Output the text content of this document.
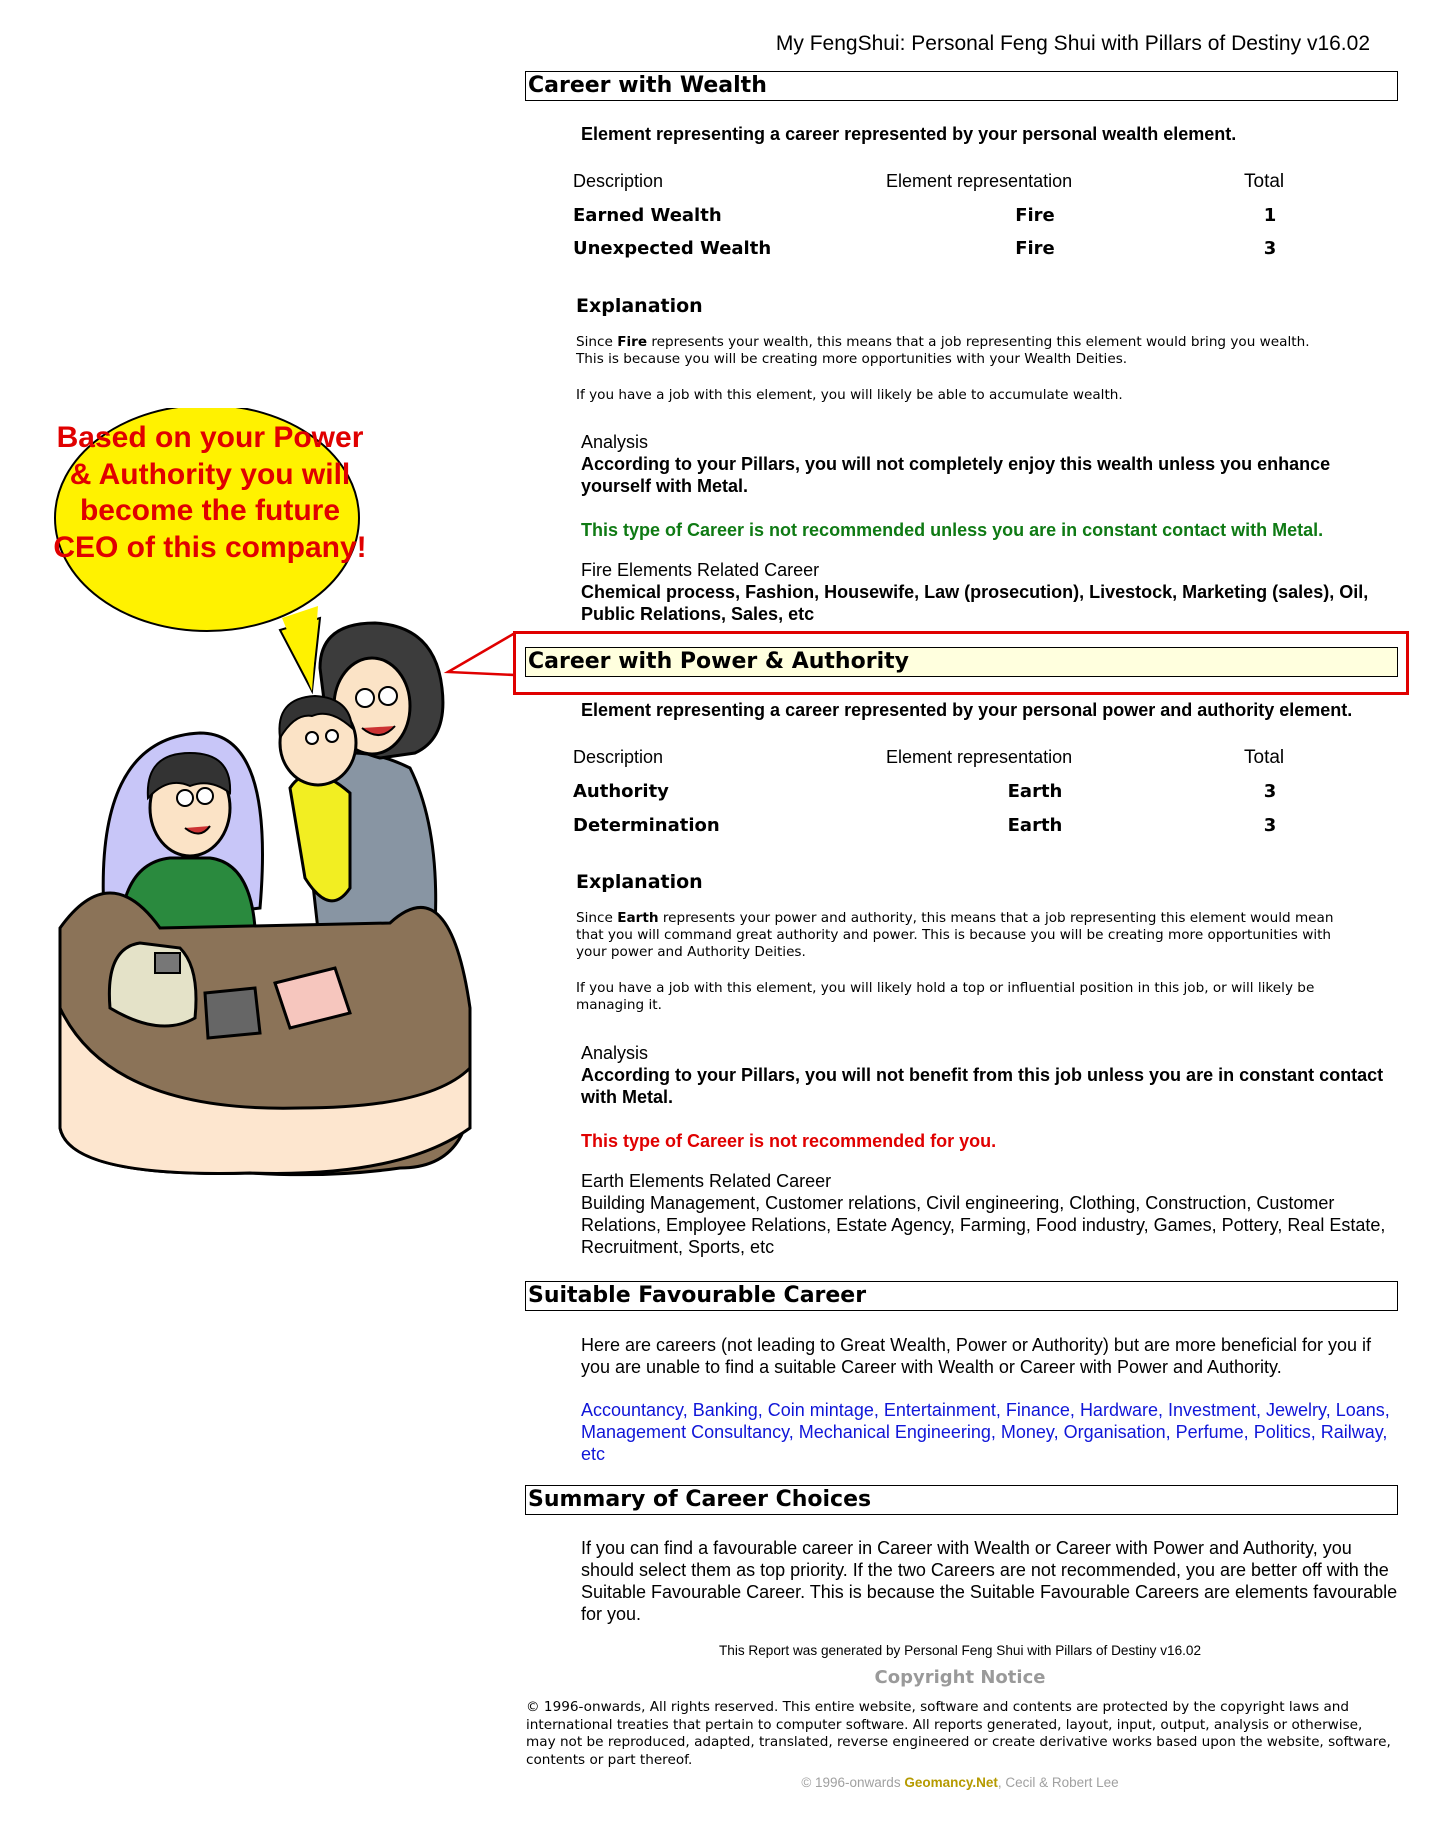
My FengShui: Personal Feng Shui with Pillars of Destiny v16.02
Based on your Power & Authority you will become the future CEO of this company!
Career with Wealth
Element representing a career represented by your personal wealth element.
Description	Element representation	Total
Earned Wealth	Fire	1
Unexpected Wealth	Fire	3
Explanation
Since Fire represents your wealth, this means that a job representing this element would bring you wealth. This is because you will be creating more opportunities with your Wealth Deities.
If you have a job with this element, you will likely be able to accumulate wealth.
Analysis
According to your Pillars, you will not completely enjoy this wealth unless you enhance yourself with Metal.
This type of Career is not recommended unless you are in constant contact with Metal.
Fire Elements Related Career
Chemical process, Fashion, Housewife, Law (prosecution), Livestock, Marketing (sales), Oil, Public Relations, Sales, etc
Career with Power & Authority
Element representing a career represented by your personal power and authority element.
Description	Element representation	Total
Authority	Earth	3
Determination	Earth	3
Explanation
Since Earth represents your power and authority, this means that a job representing this element would mean that you will command great authority and power. This is because you will be creating more opportunities with your power and Authority Deities.
If you have a job with this element, you will likely hold a top or influential position in this job, or will likely be managing it.
Analysis
According to your Pillars, you will not benefit from this job unless you are in constant contact with Metal.
This type of Career is not recommended for you.
Earth Elements Related Career
Building Management, Customer relations, Civil engineering, Clothing, Construction, Customer Relations, Employee Relations, Estate Agency, Farming, Food industry, Games, Pottery, Real Estate, Recruitment, Sports, etc
Suitable Favourable Career
Here are careers (not leading to Great Wealth, Power or Authority) but are more beneficial for you if you are unable to find a suitable Career with Wealth or Career with Power and Authority.
Accountancy, Banking, Coin mintage, Entertainment, Finance, Hardware, Investment, Jewelry, Loans, Management Consultancy, Mechanical Engineering, Money, Organisation, Perfume, Politics, Railway, etc
Summary of Career Choices
If you can find a favourable career in Career with Wealth or Career with Power and Authority, you should select them as top priority. If the two Careers are not recommended, you are better off with the Suitable Favourable Career. This is because the Suitable Favourable Careers are elements favourable for you.
This Report was generated by Personal Feng Shui with Pillars of Destiny v16.02
Copyright Notice
© 1996-onwards, All rights reserved. This entire website, software and contents are protected by the copyright laws and international treaties that pertain to computer software. All reports generated, layout, input, output, analysis or otherwise, may not be reproduced, adapted, translated, reverse engineered or create derivative works based upon the website, software, contents or part thereof.
© 1996-onwards Geomancy.Net, Cecil & Robert Lee
